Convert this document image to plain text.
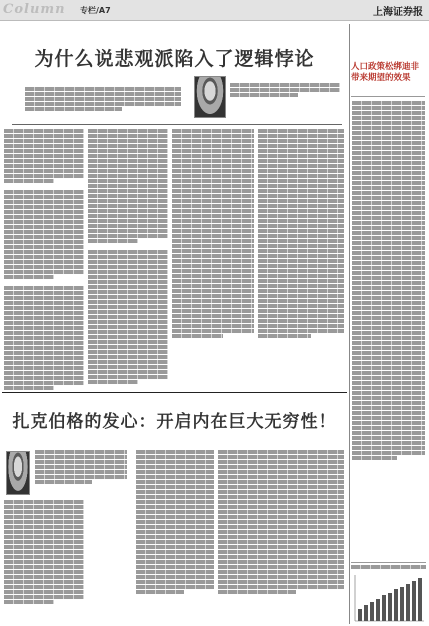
Column 专栏/A7	上海证券报
为什么说悲观派陷入了逻辑悖论	人口政策松绑迪非带来期望的效果
扎克伯格的发心：开启内在巨大无穷性！
